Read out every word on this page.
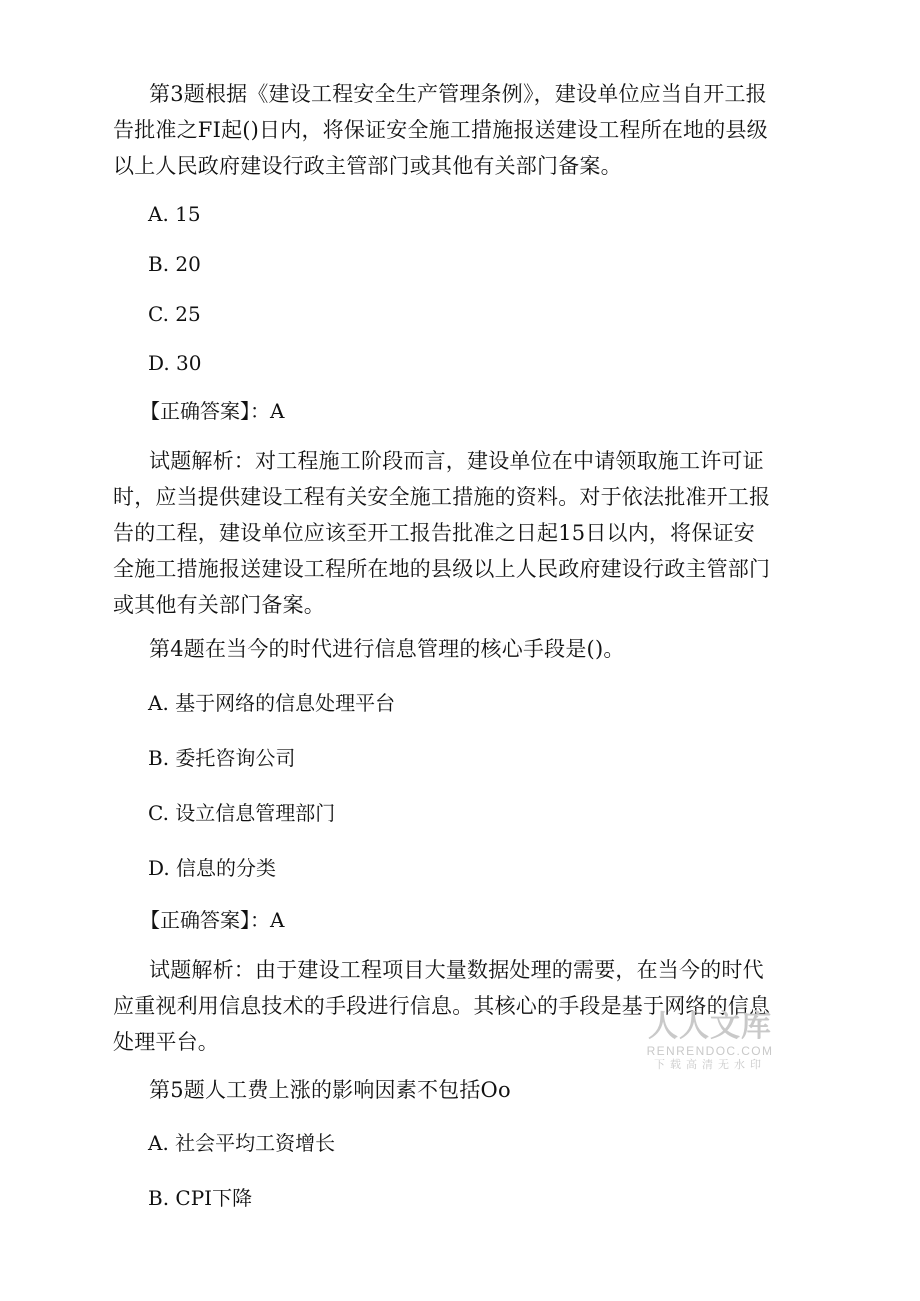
第3题根据《建设工程安全生产管理条例》，建设单位应当自开工报告批准之FI起()日内，将保证安全施工措施报送建设工程所在地的县级以上人民政府建设行政主管部门或其他有关部门备案。

A. 15

B. 20

C. 25

D. 30

【正确答案】：A

试题解析：对工程施工阶段而言，建设单位在中请领取施工许可证时，应当提供建设工程有关安全施工措施的资料。对于依法批准开工报告的工程，建设单位应该至开工报告批准之日起15日以内，将保证安全施工措施报送建设工程所在地的县级以上人民政府建设行政主管部门或其他有关部门备案。

第4题在当今的时代进行信息管理的核心手段是()。

A. 基于网络的信息处理平台

B. 委托咨询公司

C. 设立信息管理部门

D. 信息的分类

【正确答案】：A

试题解析：由于建设工程项目大量数据处理的需要，在当今的时代应重视利用信息技术的手段进行信息。其核心的手段是基于网络的信息处理平台。

第5题人工费上涨的影响因素不包括Oo

A. 社会平均工资增长

B. CPI下降

人人文库
RENRENDOC.COM
下载高清无水印
